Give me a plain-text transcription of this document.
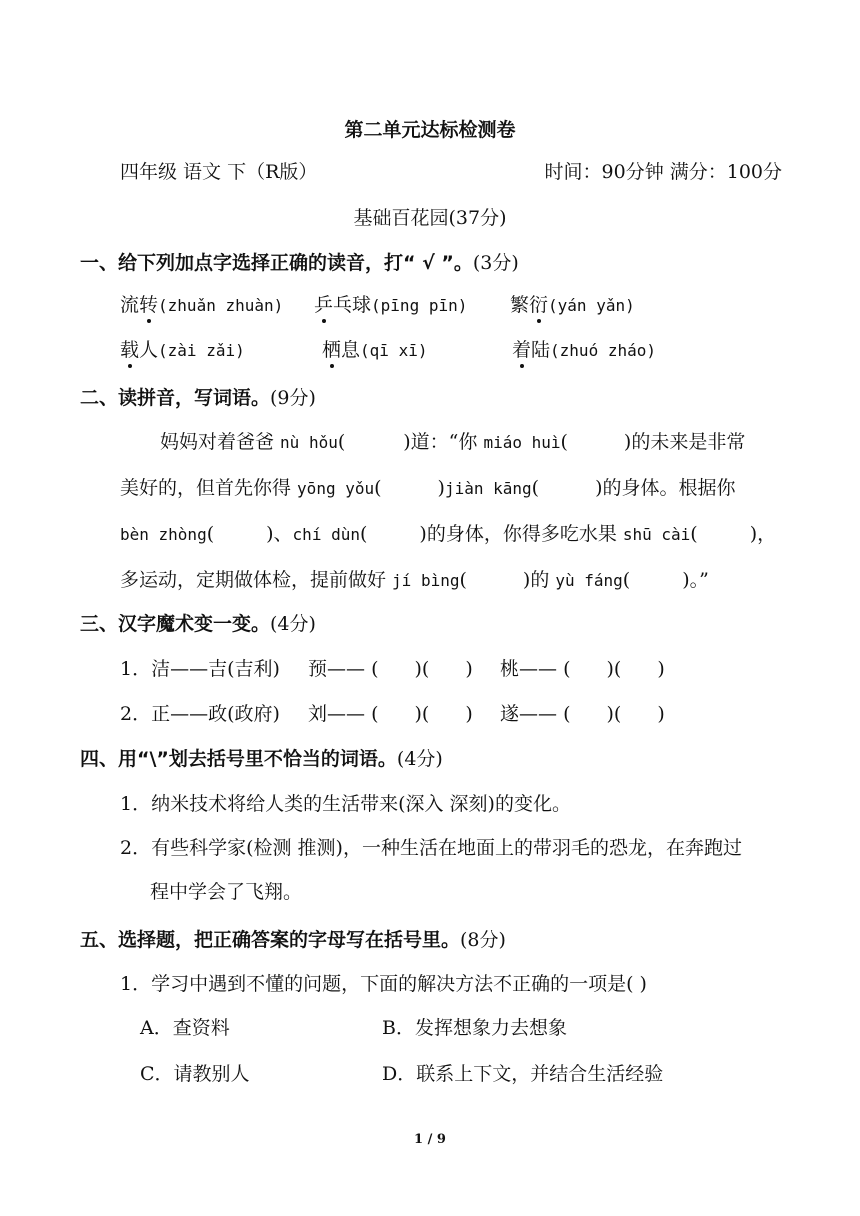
第二单元达标检测卷
四年级 语文 下（R版）	时间：90分钟 满分：100分
基础百花园(37分)
一、给下列加点字选择正确的读音，打“ √ ”。(3分)
流转(zhuǎn zhuàn) 乒乓球(pīng pīn) 繁衍(yán yǎn)
载人(zài zǎi)	栖息(qī xī)	着陆(zhuó zháo)
二、读拼音，写词语。(9分)
妈妈对着爸爸 nù hǒu(	)道：“你 miáo huì(	)的未来是非常
美好的，但首先你得 yōng yǒu(	)jiàn kāng(	)的身体。根据你
bèn zhòng(	)、chí dùn(	)的身体，你得多吃水果 shū cài(	)，
多运动，定期做体检，提前做好 jí bìng(	)的 yù fáng(	)。”
三、汉字魔术变一变。(4分)
1．洁——吉(吉利) 预—— ( )( ) 桃—— ( )( )
2．正——政(政府) 刘—— ( )( ) 遂—— ( )( )
四、用“\”划去括号里不恰当的词语。(4分)
1．纳米技术将给人类的生活带来(深入 深刻)的变化。
2．有些科学家(检测 推测)，一种生活在地面上的带羽毛的恐龙，在奔跑过
程中学会了飞翔。
五、选择题，把正确答案的字母写在括号里。(8分)
1．学习中遇到不懂的问题，下面的解决方法不正确的一项是( )
A．查资料	B．发挥想象力去想象
C．请教别人	D．联系上下文，并结合生活经验
1 / 9
